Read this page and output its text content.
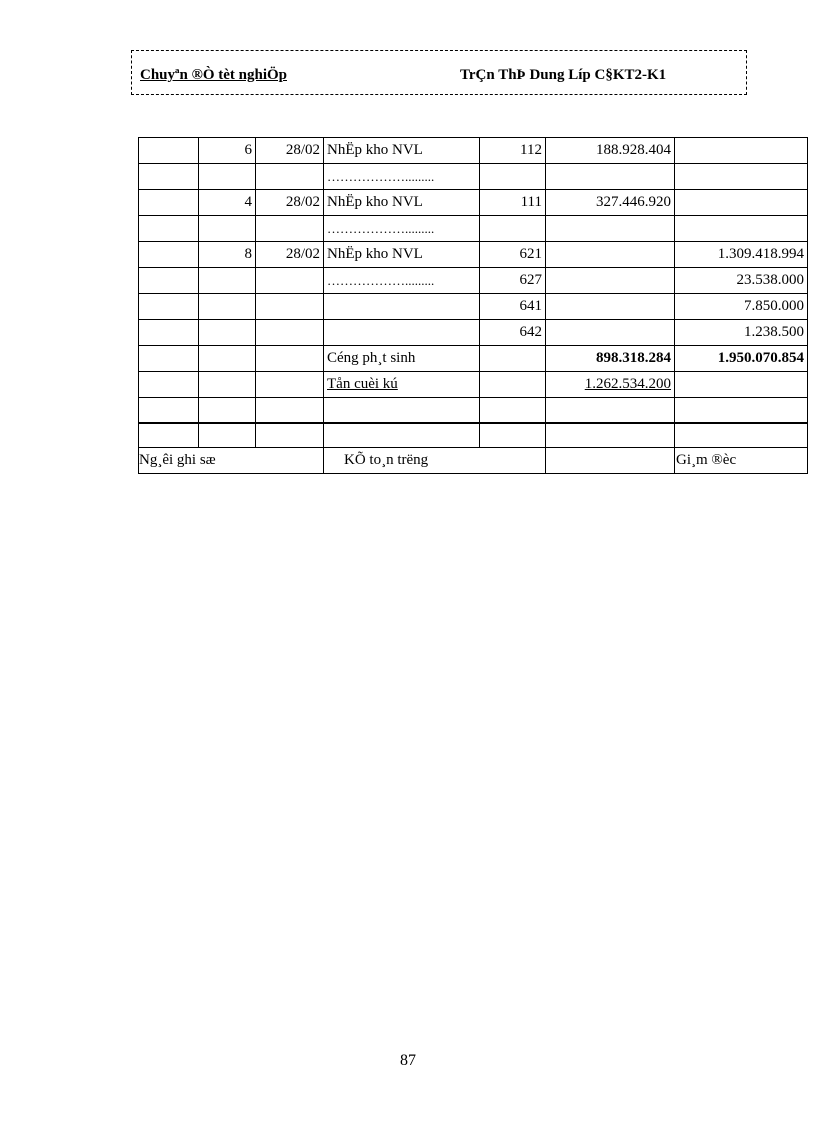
Chuyªn ®Ò tèt nghiÖp	TrÇn ThÞ Dung Líp C§KT2-K1
	6	28/02	NhËp kho NVL	112	188.928.404	
			……………….........			
	4	28/02	NhËp kho NVL	111	327.446.920	
			……………….........			
	8	28/02	NhËp kho NVL	621		1.309.418.994
			……………….........	627		23.538.000
				641		7.850.000
				642		1.238.500
			Céng ph¸t sinh		898.318.284	1.950.070.854
			Tån cuèi kú		1.262.534.200	

Ng¸êi ghi sæ			KÕ to¸n trëng			Gi¸m ®èc
87
